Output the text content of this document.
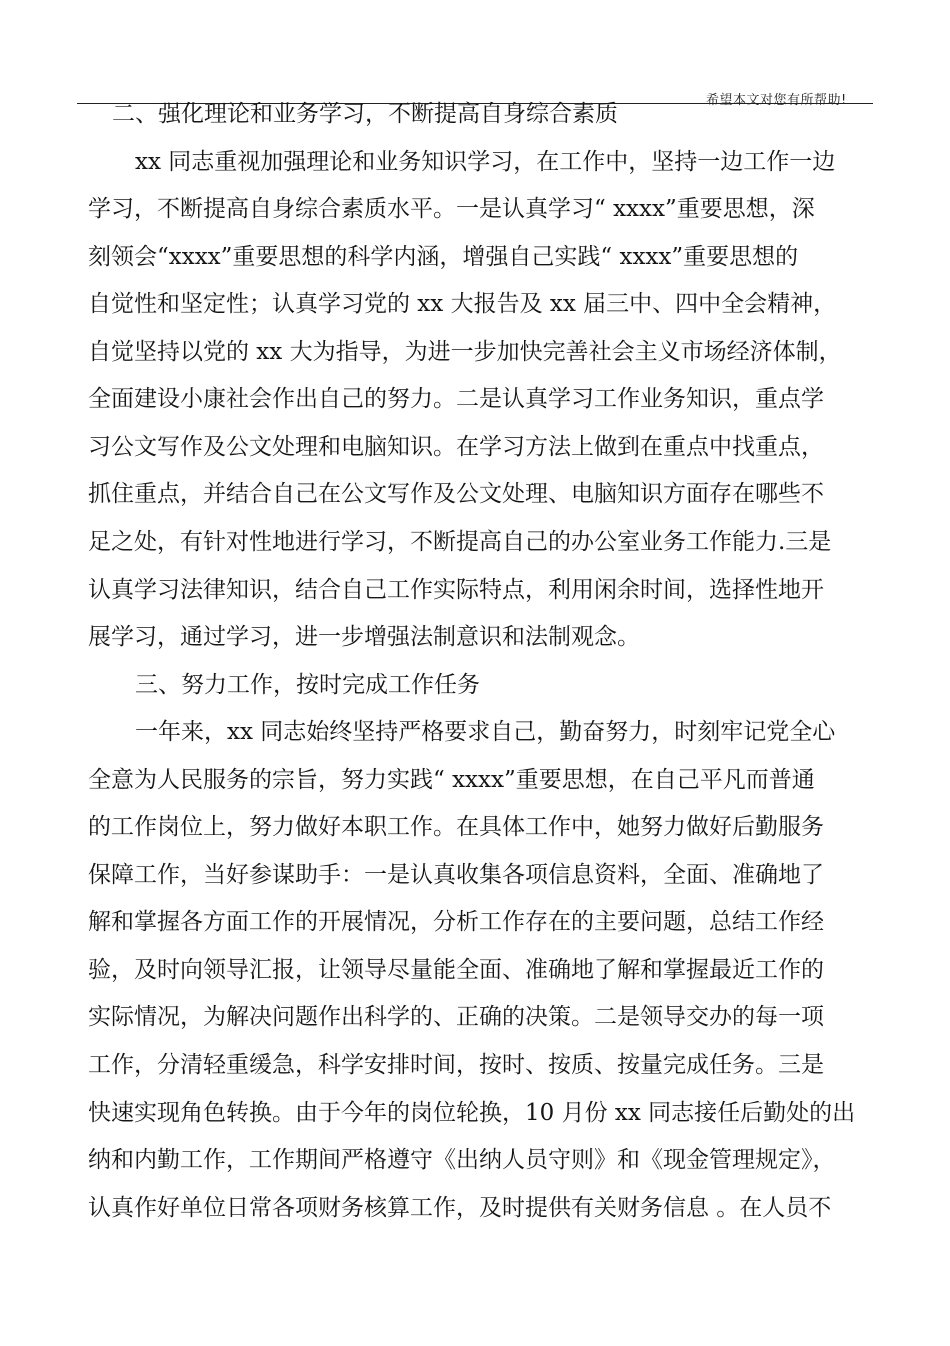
希望本文对您有所帮助!
二、强化理论和业务学习，不断提高自身综合素质
xx 同志重视加强理论和业务知识学习，在工作中，坚持一边工作一边
学习，不断提高自身综合素质水平。一是认真学习“ xxxx”重要思想，深
刻领会“xxxx”重要思想的科学内涵，增强自己实践“ xxxx”重要思想的
自觉性和坚定性；认真学习党的 xx 大报告及 xx 届三中、四中全会精神，
自觉坚持以党的 xx 大为指导，为进一步加快完善社会主义市场经济体制，
全面建设小康社会作出自己的努力。二是认真学习工作业务知识，重点学
习公文写作及公文处理和电脑知识。在学习方法上做到在重点中找重点，
抓住重点，并结合自己在公文写作及公文处理、电脑知识方面存在哪些不
足之处，有针对性地进行学习，不断提高自己的办公室业务工作能力.三是
认真学习法律知识，结合自己工作实际特点，利用闲余时间，选择性地开
展学习，通过学习，进一步增强法制意识和法制观念。
三、努力工作，按时完成工作任务
一年来，xx 同志始终坚持严格要求自己，勤奋努力，时刻牢记党全心
全意为人民服务的宗旨，努力实践“ xxxx”重要思想，在自己平凡而普通
的工作岗位上，努力做好本职工作。在具体工作中，她努力做好后勤服务
保障工作，当好参谋助手：一是认真收集各项信息资料，全面、准确地了
解和掌握各方面工作的开展情况，分析工作存在的主要问题，总结工作经
验，及时向领导汇报，让领导尽量能全面、准确地了解和掌握最近工作的
实际情况，为解决问题作出科学的、正确的决策。二是领导交办的每一项
工作，分清轻重缓急，科学安排时间，按时、按质、按量完成任务。三是
快速实现角色转换。由于今年的岗位轮换，10 月份 xx 同志接任后勤处的出
纳和内勤工作，工作期间严格遵守《出纳人员守则》和《现金管理规定》，
认真作好单位日常各项财务核算工作，及时提供有关财务信息 。在人员不
